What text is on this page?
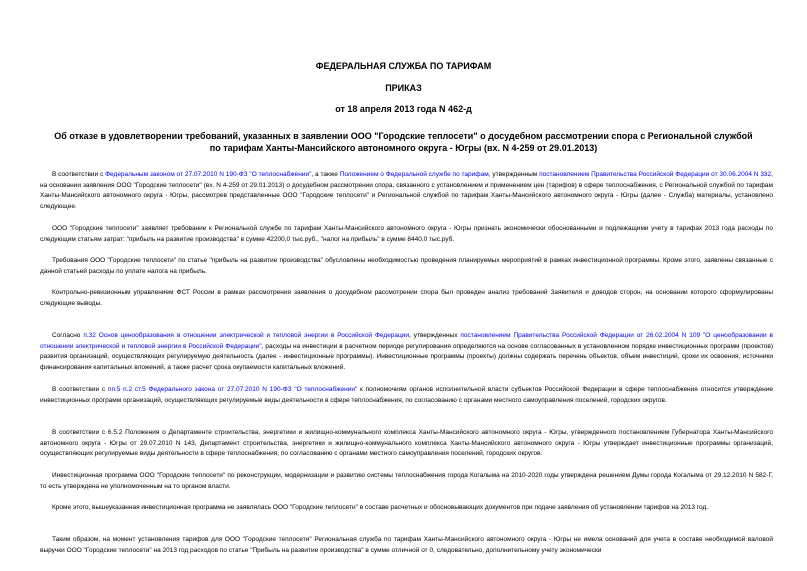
ФЕДЕРАЛЬНАЯ СЛУЖБА ПО ТАРИФАМ
ПРИКАЗ
от 18 апреля 2013 года N 462-д
Об отказе в удовлетворении требований, указанных в заявлении ООО "Городские теплосети" о досудебном рассмотрении спора с Региональной службой по тарифам Ханты-Мансийского автономного округа - Югры (вх. N 4-259 от 29.01.2013)

В соответствии с Федеральным законом от 27.07.2010 N 190-ФЗ "О теплоснабжении", а также Положением о Федеральной службе по тарифам, утвержденным постановлением Правительства Российской Федерации от 30.06.2004 N 332, на основании заявления ООО "Городские теплосети" (вх. N 4-259 от 29.01.2013) о досудебном рассмотрении спора, связанного с установлением и применением цен (тарифов) в сфере теплоснабжения, с Региональной службой по тарифам Ханты-Мансийского автономного округа - Югры, рассмотрев представленные ООО "Городские теплосети" и Региональной службой по тарифам Ханты-Мансийского автономного округа - Югры (далее - Служба) материалы, установлено следующее.

ООО "Городские теплосети" заявляет требование к Региональной службе по тарифам Ханты-Мансийского автономного округа - Югры признать экономически обоснованными и подлежащими учету в тарифах 2013 года расходы по следующим статьям затрат: "прибыль на развитие производства" в сумме 42200,0 тыс.руб., "налог на прибыль" в сумме 8440,0 тыс.руб.

Требования ООО "Городские теплосети" по статье "прибыль на развитие производства" обусловлены необходимостью проведения планируемых мероприятий в рамках инвестиционной программы. Кроме этого, заявлены связанные с данной статьей расходы по уплате налога на прибыль.

Контрольно-ревизионным управлением ФСТ России в рамках рассмотрения заявления о досудебном рассмотрении спора был проведен анализ требований Заявителя и доводов сторон, на основании которого сформулированы следующие выводы.

Согласно п.32 Основ ценообразования в отношении электрической и тепловой энергии в Российской Федерации, утвержденных постановлением Правительства Российской Федерации от 26.02.2004 N 109 "О ценообразовании в отношении электрической и тепловой энергии в Российской Федерации", расходы на инвестиции в расчетном периоде регулирования определяются на основе согласованных в установленном порядке инвестиционных программ (проектов) развития организаций, осуществляющих регулируемую деятельность (далее - инвестиционные программы). Инвестиционные программы (проекты) должны содержать перечень объектов, объем инвестиций, сроки их освоения, источники финансирования капитальных вложений, а также расчет срока окупаемости капитальных вложений.

В соответствии с пп.5 п.2 ст.5 Федерального закона от 27.07.2010 N 190-ФЗ "О теплоснабжении" к полномочиям органов исполнительной власти субъектов Российской Федерации в сфере теплоснабжения относится утверждение инвестиционных программ организаций, осуществляющих регулируемые виды деятельности в сфере теплоснабжения, по согласованию с органами местного самоуправления поселений, городских округов.

В соответствии с 6.5.2 Положения о Департаменте строительства, энергетики и жилищно-коммунального комплекса Ханты-Мансийского автономного округа - Югры, утвержденного постановлением Губернатора Ханты-Мансийского автономного округа - Югры от 29.07.2010 N 143, Департамент строительства, энергетики и жилищно-коммунального комплекса Ханты-Мансийского автономного округа - Югры утверждает инвестиционные программы организаций, осуществляющих регулируемые виды деятельности в сфере теплоснабжения, по согласованию с органами местного самоуправления поселений, городских округов.

Инвестиционная программа ООО "Городские теплосети" по реконструкции, модернизации и развитию системы теплоснабжения города Когалыма на 2010-2020 годы утверждена решением Думы города Когалыма от 29.12.2010 N 582-Г, то есть утверждена не уполномоченным на то органом власти.

Кроме этого, вышеуказанная инвестиционная программа не заявлялась ООО "Городские теплосети" в составе расчетных и обосновывающих документов при подаче заявления об установлении тарифов на 2013 год.

Таким образом, на момент установления тарифов для ООО "Городские теплосети" Региональная служба по тарифам Ханты-Мансийского автономного округа - Югры не имела оснований для учета в составе необходимой валовой выручки ООО "Городские теплосети" на 2013 год расходов по статье "Прибыль на развитие производства" в сумме отличной от 0, следовательно, дополнительному учету экономически
